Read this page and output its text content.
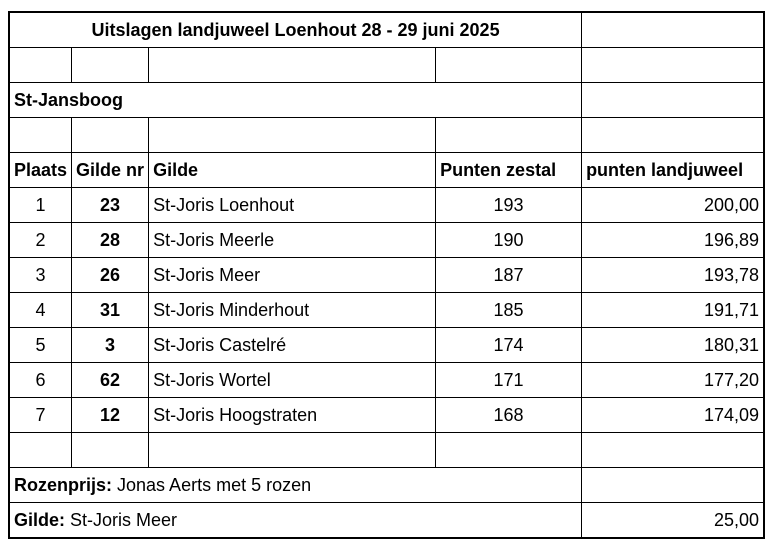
Uitslagen landjuweel Loenhout 28 - 29 juni 2025				

St-Jansboog				

Plaats	Gilde nr	Gilde	Punten zestal	punten landjuweel
1	23	St-Joris Loenhout	193	200,00
2	28	St-Joris Meerle	190	196,89
3	26	St-Joris Meer	187	193,78
4	31	St-Joris Minderhout	185	191,71
5	3	St-Joris Castelré	174	180,31
6	62	St-Joris Wortel	171	177,20
7	12	St-Joris Hoogstraten	168	174,09

Rozenprijs: Jonas Aerts met 5 rozen				
Gilde: St-Joris Meer				25,00
